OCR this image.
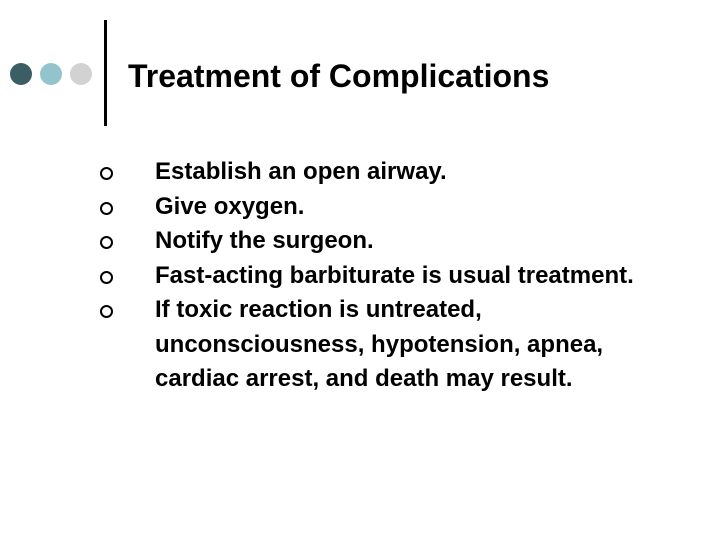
Treatment of Complications
Establish an open airway.
Give oxygen.
Notify the surgeon.
Fast-acting barbiturate is usual treatment.
If toxic reaction is untreated, unconsciousness, hypotension, apnea, cardiac arrest, and death may result.
